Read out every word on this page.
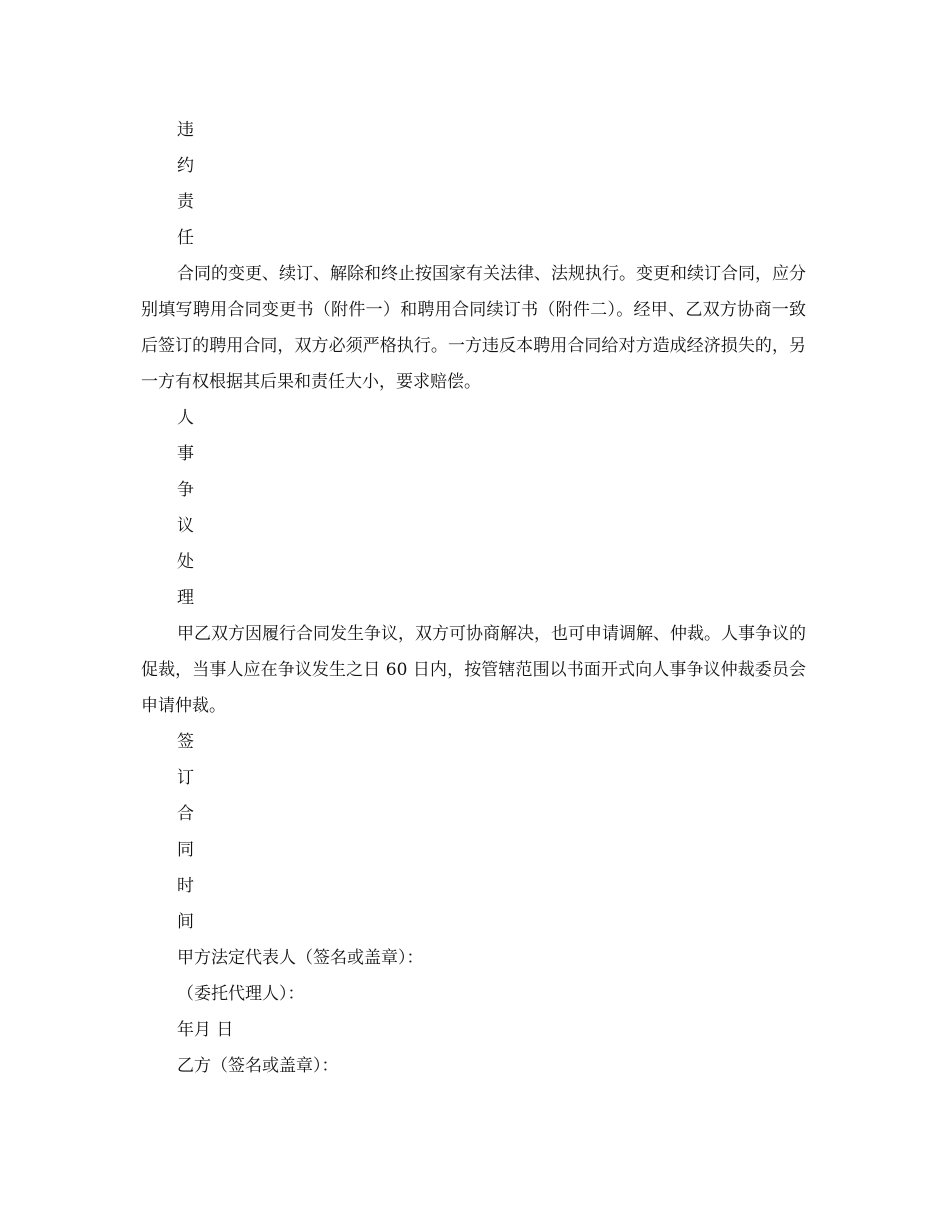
违
约
责
任
合同的变更、续订、解除和终止按国家有关法律、法规执行。变更和续订合同，应分别填写聘用合同变更书（附件一）和聘用合同续订书（附件二）。经甲、乙双方协商一致后签订的聘用合同，双方必须严格执行。一方违反本聘用合同给对方造成经济损失的，另一方有权根据其后果和责任大小，要求赔偿。
人
事
争
议
处
理
甲乙双方因履行合同发生争议，双方可协商解决，也可申请调解、仲裁。人事争议的促裁，当事人应在争议发生之日 60 日内，按管辖范围以书面开式向人事争议仲裁委员会申请仲裁。
签
订
合
同
时
间
甲方法定代表人（签名或盖章）：
（委托代理人）：
年月 日
乙方（签名或盖章）：
